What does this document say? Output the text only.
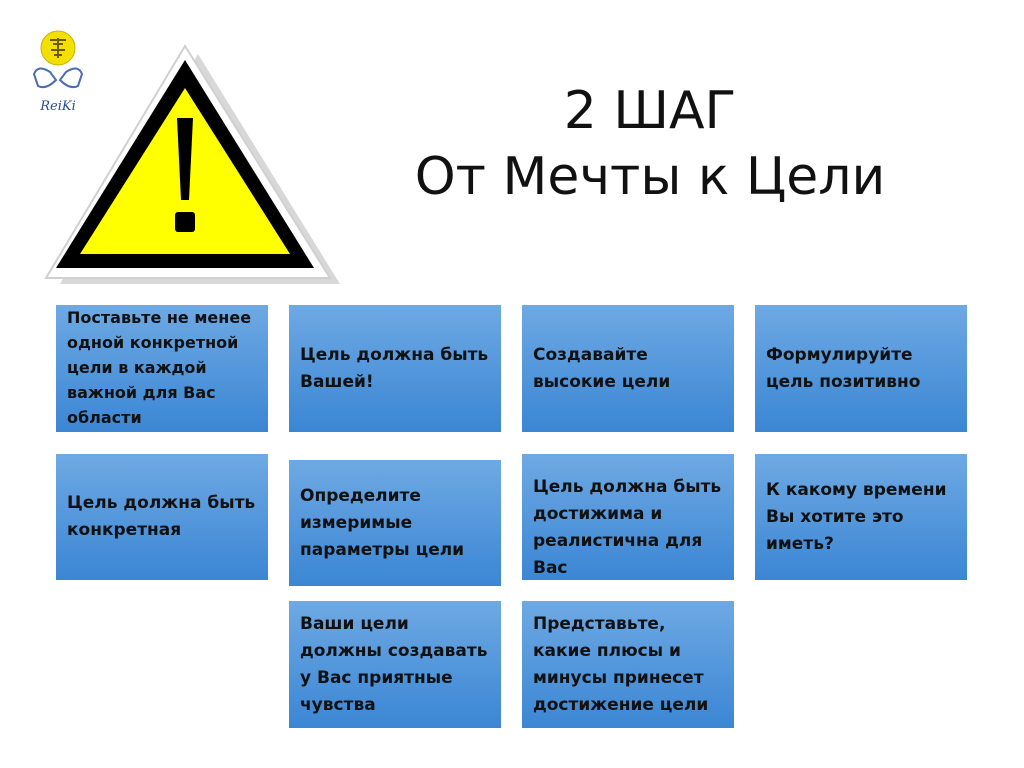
ReiKi	2 ШАГ
От Мечты к Цели
Поставьте не менее одной конкретной цели в каждой важной для Вас области
Цель должна быть Вашей!
Создавайте высокие цели
Формулируйте цель позитивно
Цель должна быть конкретная
Определите измеримые параметры цели
Цель должна быть достижима и реалистична для Вас
К какому времени Вы хотите это иметь?
Ваши цели должны создавать у Вас приятные чувства
Представьте, какие плюсы и минусы принесет достижение цели
